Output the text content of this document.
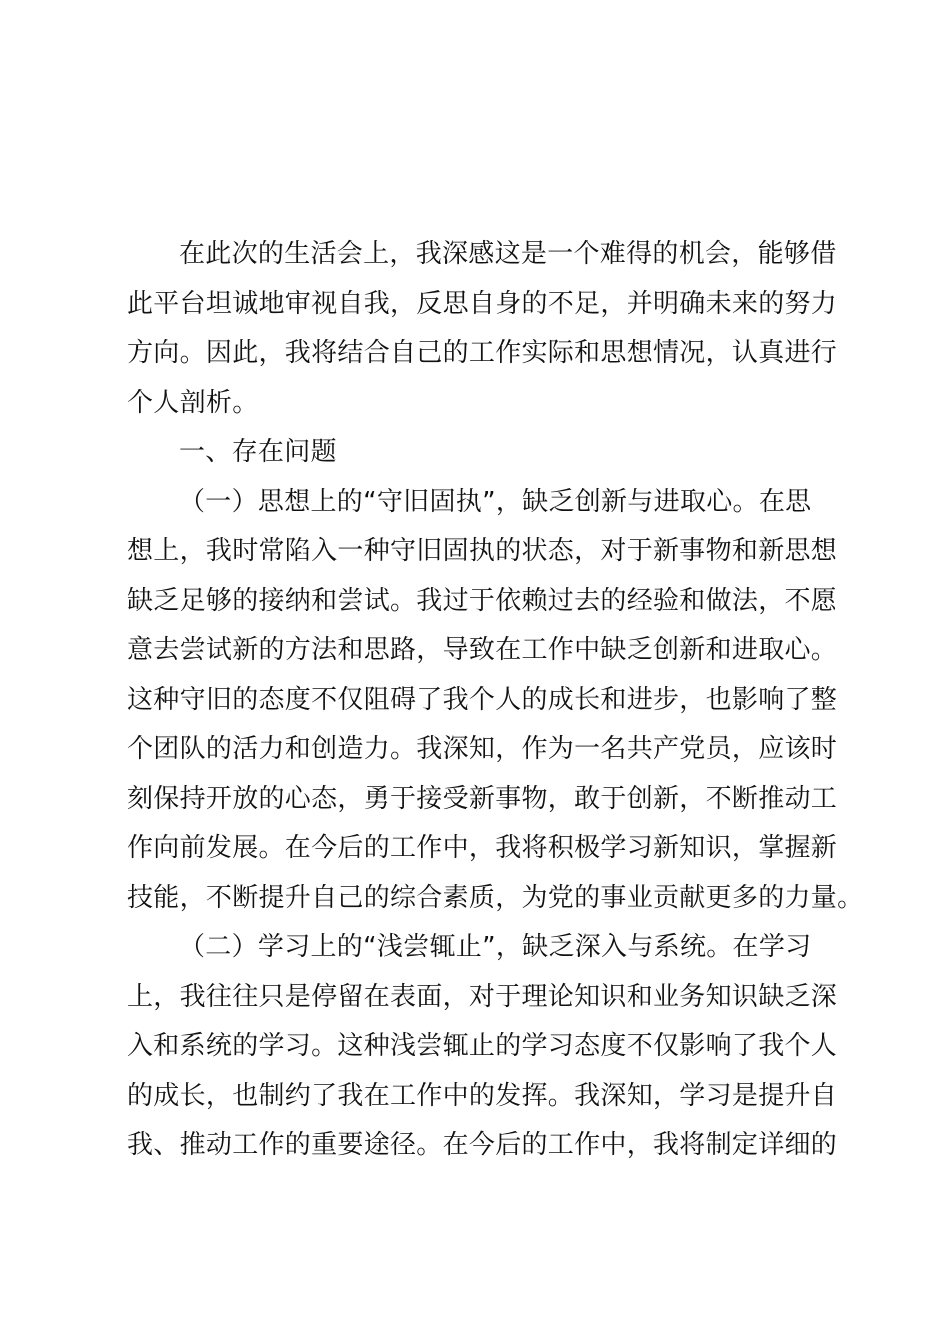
在此次的生活会上，我深感这是一个难得的机会，能够借
此平台坦诚地审视自我，反思自身的不足，并明确未来的努力
方向。因此，我将结合自己的工作实际和思想情况，认真进行
个人剖析。
一、存在问题
（一）思想上的“守旧固执”，缺乏创新与进取心。在思
想上，我时常陷入一种守旧固执的状态，对于新事物和新思想
缺乏足够的接纳和尝试。我过于依赖过去的经验和做法，不愿
意去尝试新的方法和思路，导致在工作中缺乏创新和进取心。
这种守旧的态度不仅阻碍了我个人的成长和进步，也影响了整
个团队的活力和创造力。我深知，作为一名共产党员，应该时
刻保持开放的心态，勇于接受新事物，敢于创新，不断推动工
作向前发展。在今后的工作中，我将积极学习新知识，掌握新
技能，不断提升自己的综合素质，为党的事业贡献更多的力量。
（二）学习上的“浅尝辄止”，缺乏深入与系统。在学习
上，我往往只是停留在表面，对于理论知识和业务知识缺乏深
入和系统的学习。这种浅尝辄止的学习态度不仅影响了我个人
的成长，也制约了我在工作中的发挥。我深知，学习是提升自
我、推动工作的重要途径。在今后的工作中，我将制定详细的
